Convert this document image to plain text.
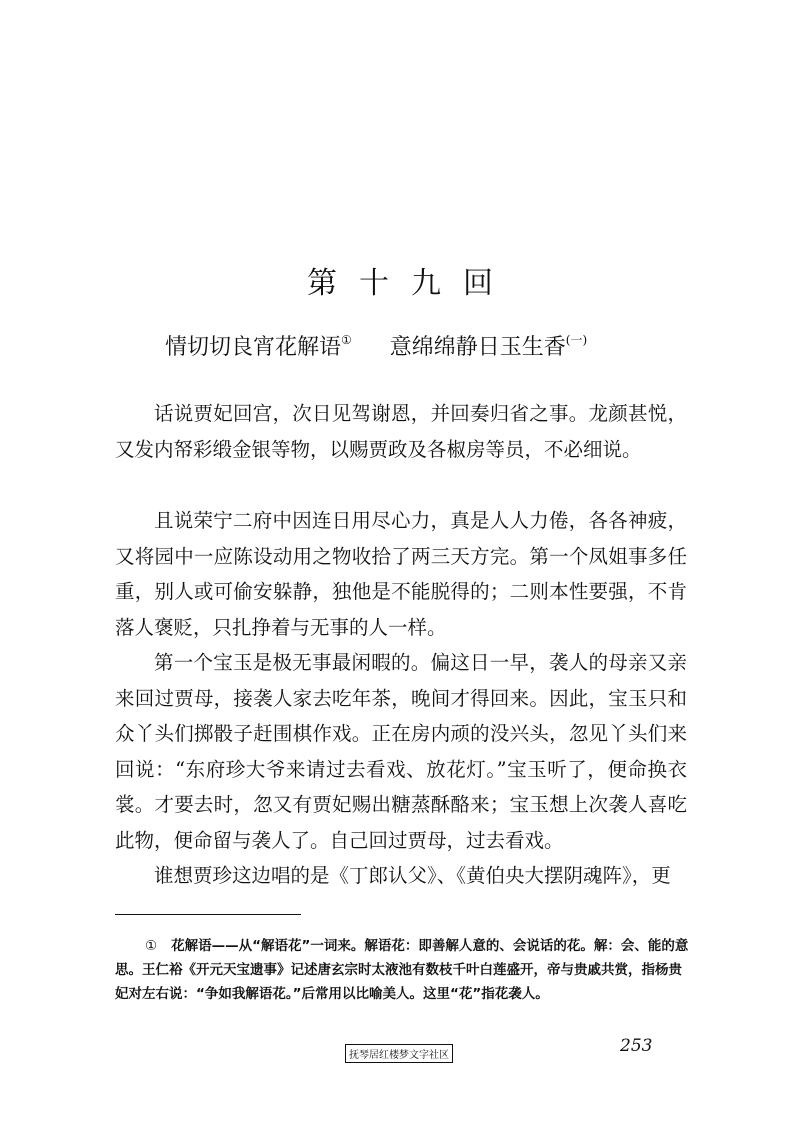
第十九回
情切切良宵花解语① 意绵绵静日玉生香$^{(一)}$

话说贾妃回宫，次日见驾谢恩，并回奏归省之事。龙颜甚悦，又发内帑彩缎金银等物，以赐贾政及各椒房等员，不必细说。

且说荣宁二府中因连日用尽心力，真是人人力倦，各各神疲，又将园中一应陈设动用之物收拾了两三天方完。第一个凤姐事多任重，别人或可偷安躲静，独他是不能脱得的；二则本性要强，不肯落人褒贬，只扎挣着与无事的人一样。

第一个宝玉是极无事最闲暇的。偏这日一早，袭人的母亲又亲来回过贾母，接袭人家去吃年茶，晚间才得回来。因此，宝玉只和众丫头们掷骰子赶围棋作戏。正在房内顽的没兴头，忽见丫头们来回说：“东府珍大爷来请过去看戏、放花灯。”宝玉听了，便命换衣裳。才要去时，忽又有贾妃赐出糖蒸酥酪来；宝玉想上次袭人喜吃此物，便命留与袭人了。自己回过贾母，过去看戏。

谁想贾珍这边唱的是《丁郎认父》、《黄伯央大摆阴魂阵》，更

① 花解语——从“解语花”一词来。解语花：即善解人意的、会说话的花。解：会、能的意思。王仁裕《开元天宝遗事》记述唐玄宗时太液池有数枝千叶白莲盛开，帝与贵戚共赏，指杨贵妃对左右说：“争如我解语花。”后常用以比喻美人。这里“花”指花袭人。
抚琴居红楼梦文字社区	253
